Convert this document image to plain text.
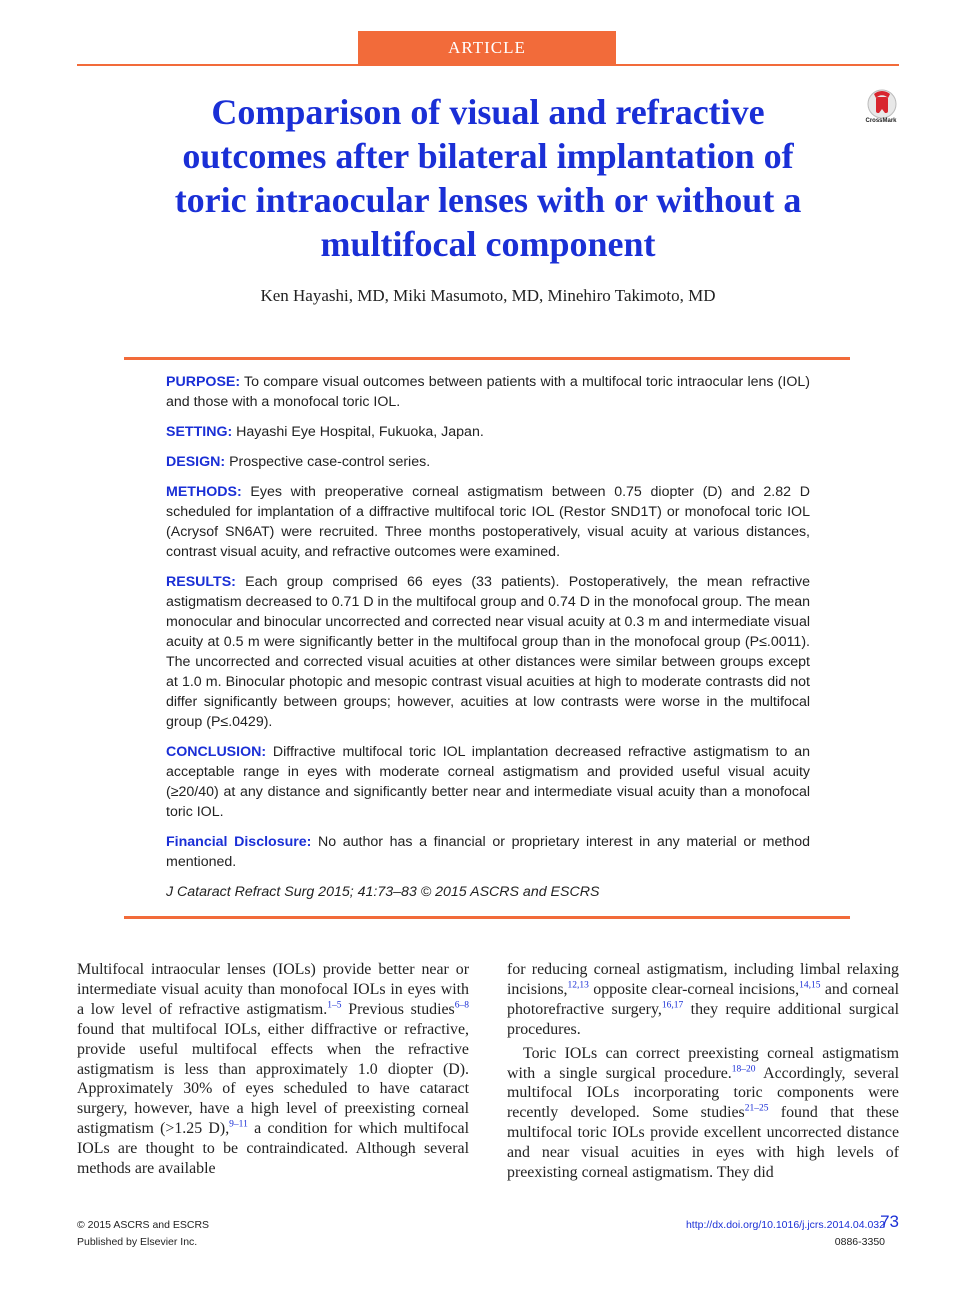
ARTICLE
CrossMark
Comparison of visual and refractive outcomes after bilateral implantation of toric intraocular lenses with or without a multifocal component
Ken Hayashi, MD, Miki Masumoto, MD, Minehiro Takimoto, MD

PURPOSE: To compare visual outcomes between patients with a multifocal toric intraocular lens (IOL) and those with a monofocal toric IOL.

SETTING: Hayashi Eye Hospital, Fukuoka, Japan.

DESIGN: Prospective case-control series.

METHODS: Eyes with preoperative corneal astigmatism between 0.75 diopter (D) and 2.82 D scheduled for implantation of a diffractive multifocal toric IOL (Restor SND1T) or monofocal toric IOL (Acrysof SN6AT) were recruited. Three months postoperatively, visual acuity at various distances, contrast visual acuity, and refractive outcomes were examined.

RESULTS: Each group comprised 66 eyes (33 patients). Postoperatively, the mean refractive astigmatism decreased to 0.71 D in the multifocal group and 0.74 D in the monofocal group. The mean monocular and binocular uncorrected and corrected near visual acuity at 0.3 m and intermediate visual acuity at 0.5 m were significantly better in the multifocal group than in the monofocal group (P≤.0011). The uncorrected and corrected visual acuities at other distances were similar between groups except at 1.0 m. Binocular photopic and mesopic contrast visual acuities at high to moderate contrasts did not differ significantly between groups; however, acuities at low contrasts were worse in the multifocal group (P≤.0429).

CONCLUSION: Diffractive multifocal toric IOL implantation decreased refractive astigmatism to an acceptable range in eyes with moderate corneal astigmatism and provided useful visual acuity (≥20/40) at any distance and significantly better near and intermediate visual acuity than a monofocal toric IOL.

Financial Disclosure: No author has a financial or proprietary interest in any material or method mentioned.

J Cataract Refract Surg 2015; 41:73–83 © 2015 ASCRS and ESCRS

Multifocal intraocular lenses (IOLs) provide better near or intermediate visual acuity than monofocal IOLs in eyes with a low level of refractive astigmatism.$^{1-5}$ Previous studies$^{6-8}$ found that multifocal IOLs, either diffractive or refractive, provide useful multifocal effects when the refractive astigmatism is less than approximately 1.0 diopter (D). Approximately 30% of eyes scheduled to have cataract surgery, however, have a high level of preexisting corneal astigmatism (>1.25 D),$^{9-11}$ a condition for which multifocal IOLs are thought to be contraindicated. Although several methods are available

for reducing corneal astigmatism, including limbal relaxing incisions,$^{12,13}$ opposite clear-corneal incisions,$^{14,15}$ and corneal photorefractive surgery,$^{16,17}$ they require additional surgical procedures.

Toric IOLs can correct preexisting corneal astigmatism with a single surgical procedure.$^{18-20}$ Accordingly, several multifocal IOLs incorporating toric components were recently developed. Some studies$^{21-25}$ found that these multifocal toric IOLs provide excellent uncorrected distance and near visual acuities in eyes with high levels of preexisting corneal astigmatism. They did

© 2015 ASCRS and ESCRS
Published by Elsevier Inc.
http://dx.doi.org/10.1016/j.jcrs.2014.04.032
0886-3350
73
